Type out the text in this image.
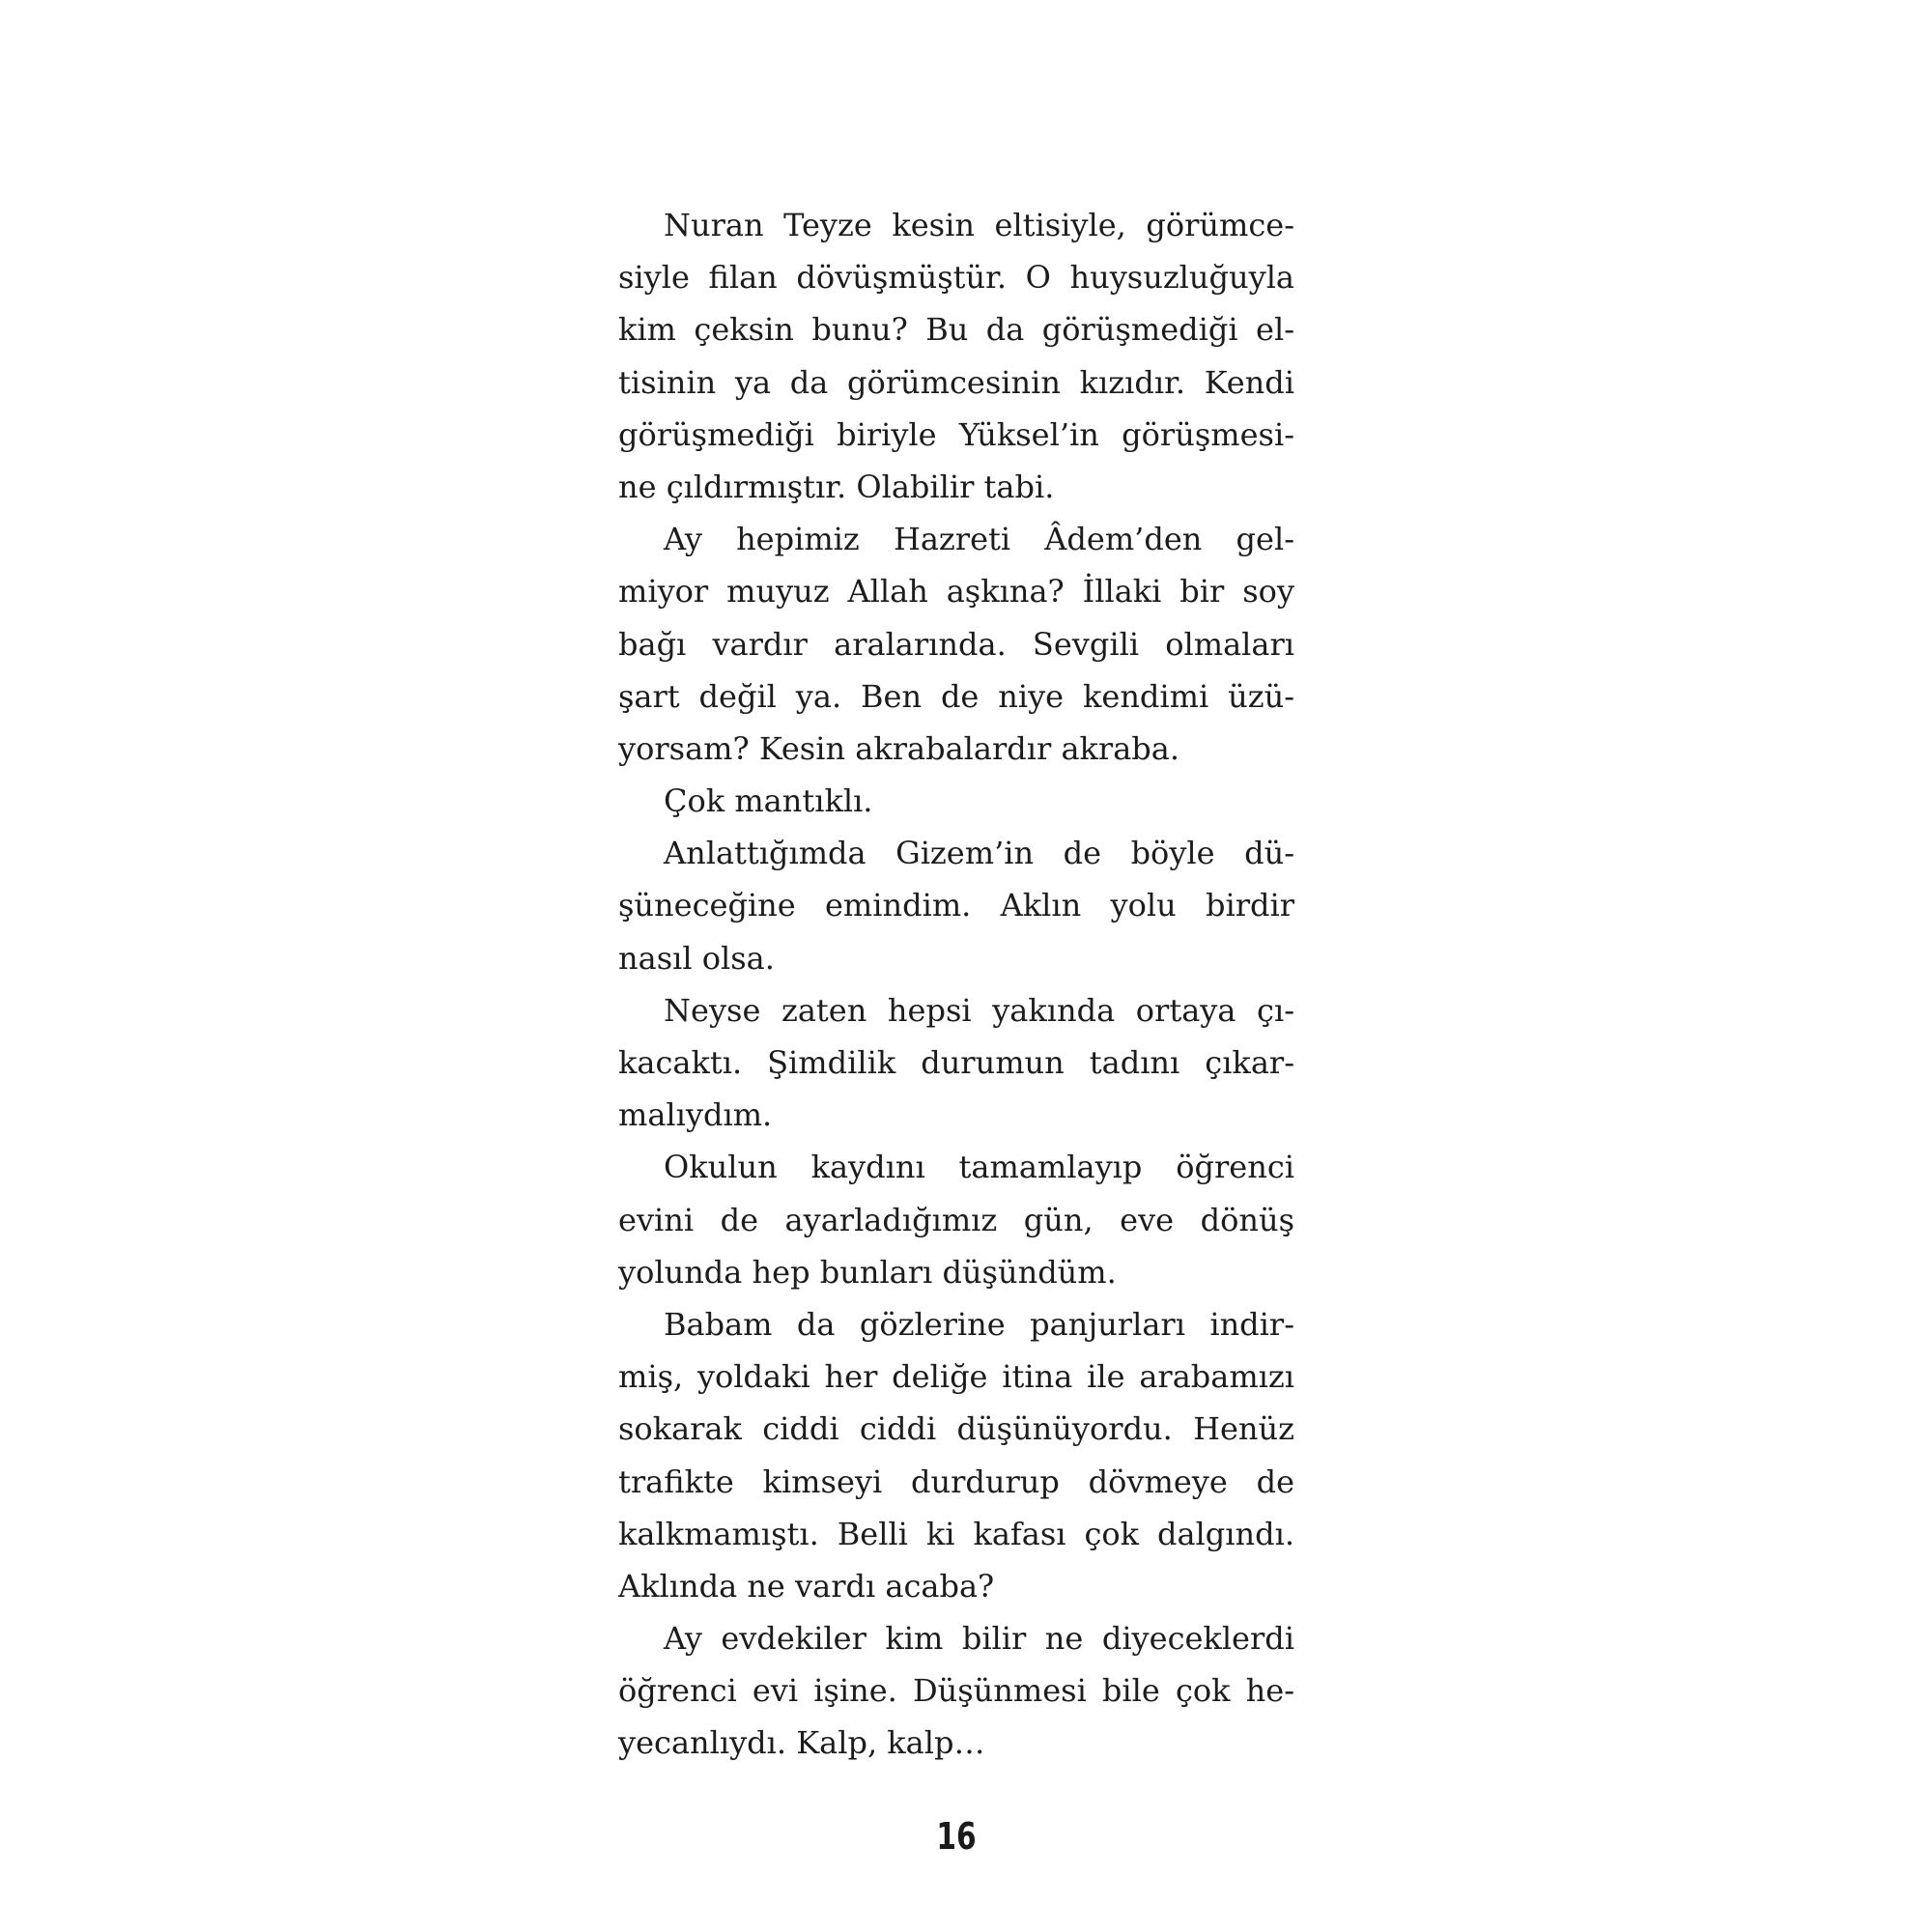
Nuran Teyze kesin eltisiyle, görümce-
siyle filan dövüşmüştür. O huysuzluğuyla
kim çeksin bunu? Bu da görüşmediği el-
tisinin ya da görümcesinin kızıdır. Kendi
görüşmediği biriyle Yüksel’in görüşmesi-
ne çıldırmıştır. Olabilir tabi.
Ay hepimiz Hazreti Âdem’den gel-
miyor muyuz Allah aşkına? İllaki bir soy
bağı vardır aralarında. Sevgili olmaları
şart değil ya. Ben de niye kendimi üzü-
yorsam? Kesin akrabalardır akraba.
Çok mantıklı.
Anlattığımda Gizem’in de böyle dü-
şüneceğine emindim. Aklın yolu birdir
nasıl olsa.
Neyse zaten hepsi yakında ortaya çı-
kacaktı. Şimdilik durumun tadını çıkar-
malıydım.
Okulun kaydını tamamlayıp öğrenci
evini de ayarladığımız gün, eve dönüş
yolunda hep bunları düşündüm.
Babam da gözlerine panjurları indir-
miş, yoldaki her deliğe itina ile arabamızı
sokarak ciddi ciddi düşünüyordu. Henüz
trafikte kimseyi durdurup dövmeye de
kalkmamıştı. Belli ki kafası çok dalgındı.
Aklında ne vardı acaba?
Ay evdekiler kim bilir ne diyeceklerdi
öğrenci evi işine. Düşünmesi bile çok he-
yecanlıydı. Kalp, kalp…
16
